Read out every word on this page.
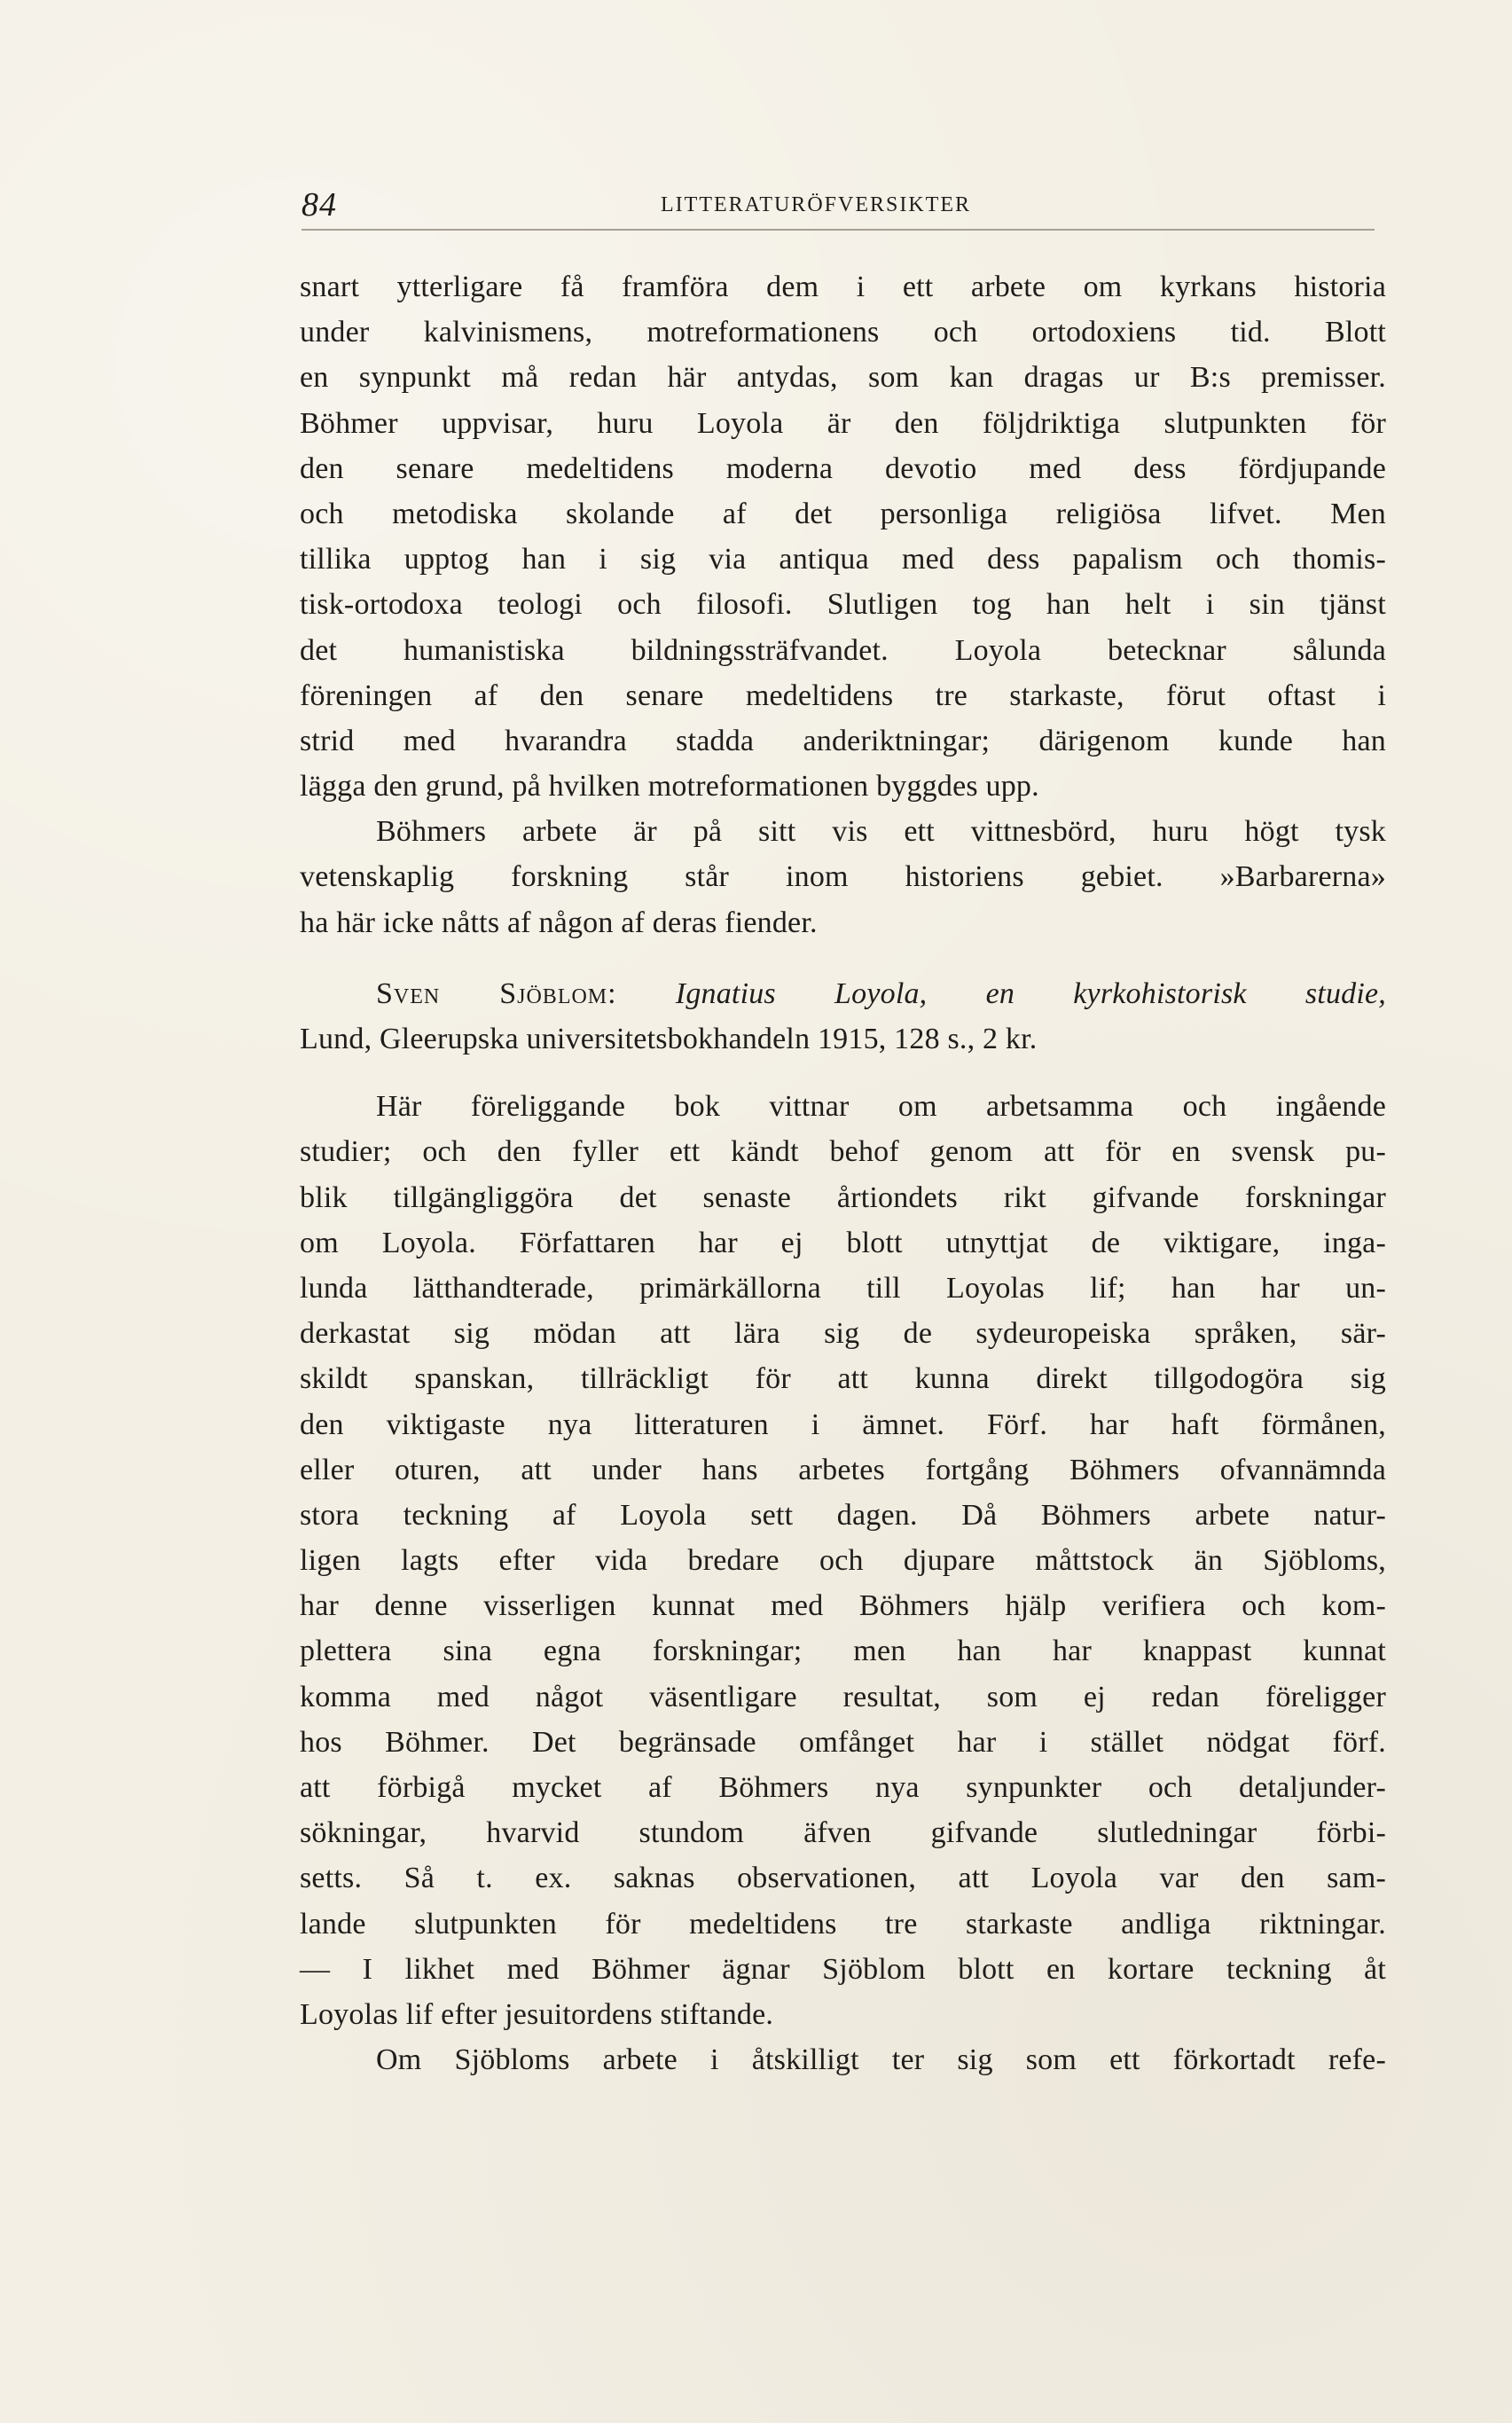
84	LITTERATURÖFVERSIKTER
snart ytterligare få framföra dem i ett arbete om kyrkans historia
under kalvinismens, motreformationens och ortodoxiens tid. Blott
en synpunkt må redan här antydas, som kan dragas ur B:s premisser.
Böhmer uppvisar, huru Loyola är den följdriktiga slutpunkten för
den senare medeltidens moderna devotio med dess fördjupande
och metodiska skolande af det personliga religiösa lifvet. Men
tillika upptog han i sig via antiqua med dess papalism och thomis-
tisk-ortodoxa teologi och filosofi. Slutligen tog han helt i sin tjänst
det humanistiska bildningssträfvandet. Loyola betecknar sålunda
föreningen af den senare medeltidens tre starkaste, förut oftast i
strid med hvarandra stadda anderiktningar; därigenom kunde han
lägga den grund, på hvilken motreformationen byggdes upp.
Böhmers arbete är på sitt vis ett vittnesbörd, huru högt tysk
vetenskaplig forskning står inom historiens gebiet. »Barbarerna»
ha här icke nåtts af någon af deras fiender.
Sven Sjöblom: Ignatius Loyola, en kyrkohistorisk studie,
Lund, Gleerupska universitetsbokhandeln 1915, 128 s., 2 kr.
Här föreliggande bok vittnar om arbetsamma och ingående
studier; och den fyller ett kändt behof genom att för en svensk pu-
blik tillgängliggöra det senaste årtiondets rikt gifvande forskningar
om Loyola. Författaren har ej blott utnyttjat de viktigare, inga-
lunda lätthandterade, primärkällorna till Loyolas lif; han har un-
derkastat sig mödan att lära sig de sydeuropeiska språken, sär-
skildt spanskan, tillräckligt för att kunna direkt tillgodogöra sig
den viktigaste nya litteraturen i ämnet. Förf. har haft förmånen,
eller oturen, att under hans arbetes fortgång Böhmers ofvannämnda
stora teckning af Loyola sett dagen. Då Böhmers arbete natur-
ligen lagts efter vida bredare och djupare måttstock än Sjöbloms,
har denne visserligen kunnat med Böhmers hjälp verifiera och kom-
plettera sina egna forskningar; men han har knappast kunnat
komma med något väsentligare resultat, som ej redan föreligger
hos Böhmer. Det begränsade omfånget har i stället nödgat förf.
att förbigå mycket af Böhmers nya synpunkter och detaljunder-
sökningar, hvarvid stundom äfven gifvande slutledningar förbi-
setts. Så t. ex. saknas observationen, att Loyola var den sam-
lande slutpunkten för medeltidens tre starkaste andliga riktningar.
— I likhet med Böhmer ägnar Sjöblom blott en kortare teckning åt
Loyolas lif efter jesuitordens stiftande.
Om Sjöbloms arbete i åtskilligt ter sig som ett förkortadt refe-
